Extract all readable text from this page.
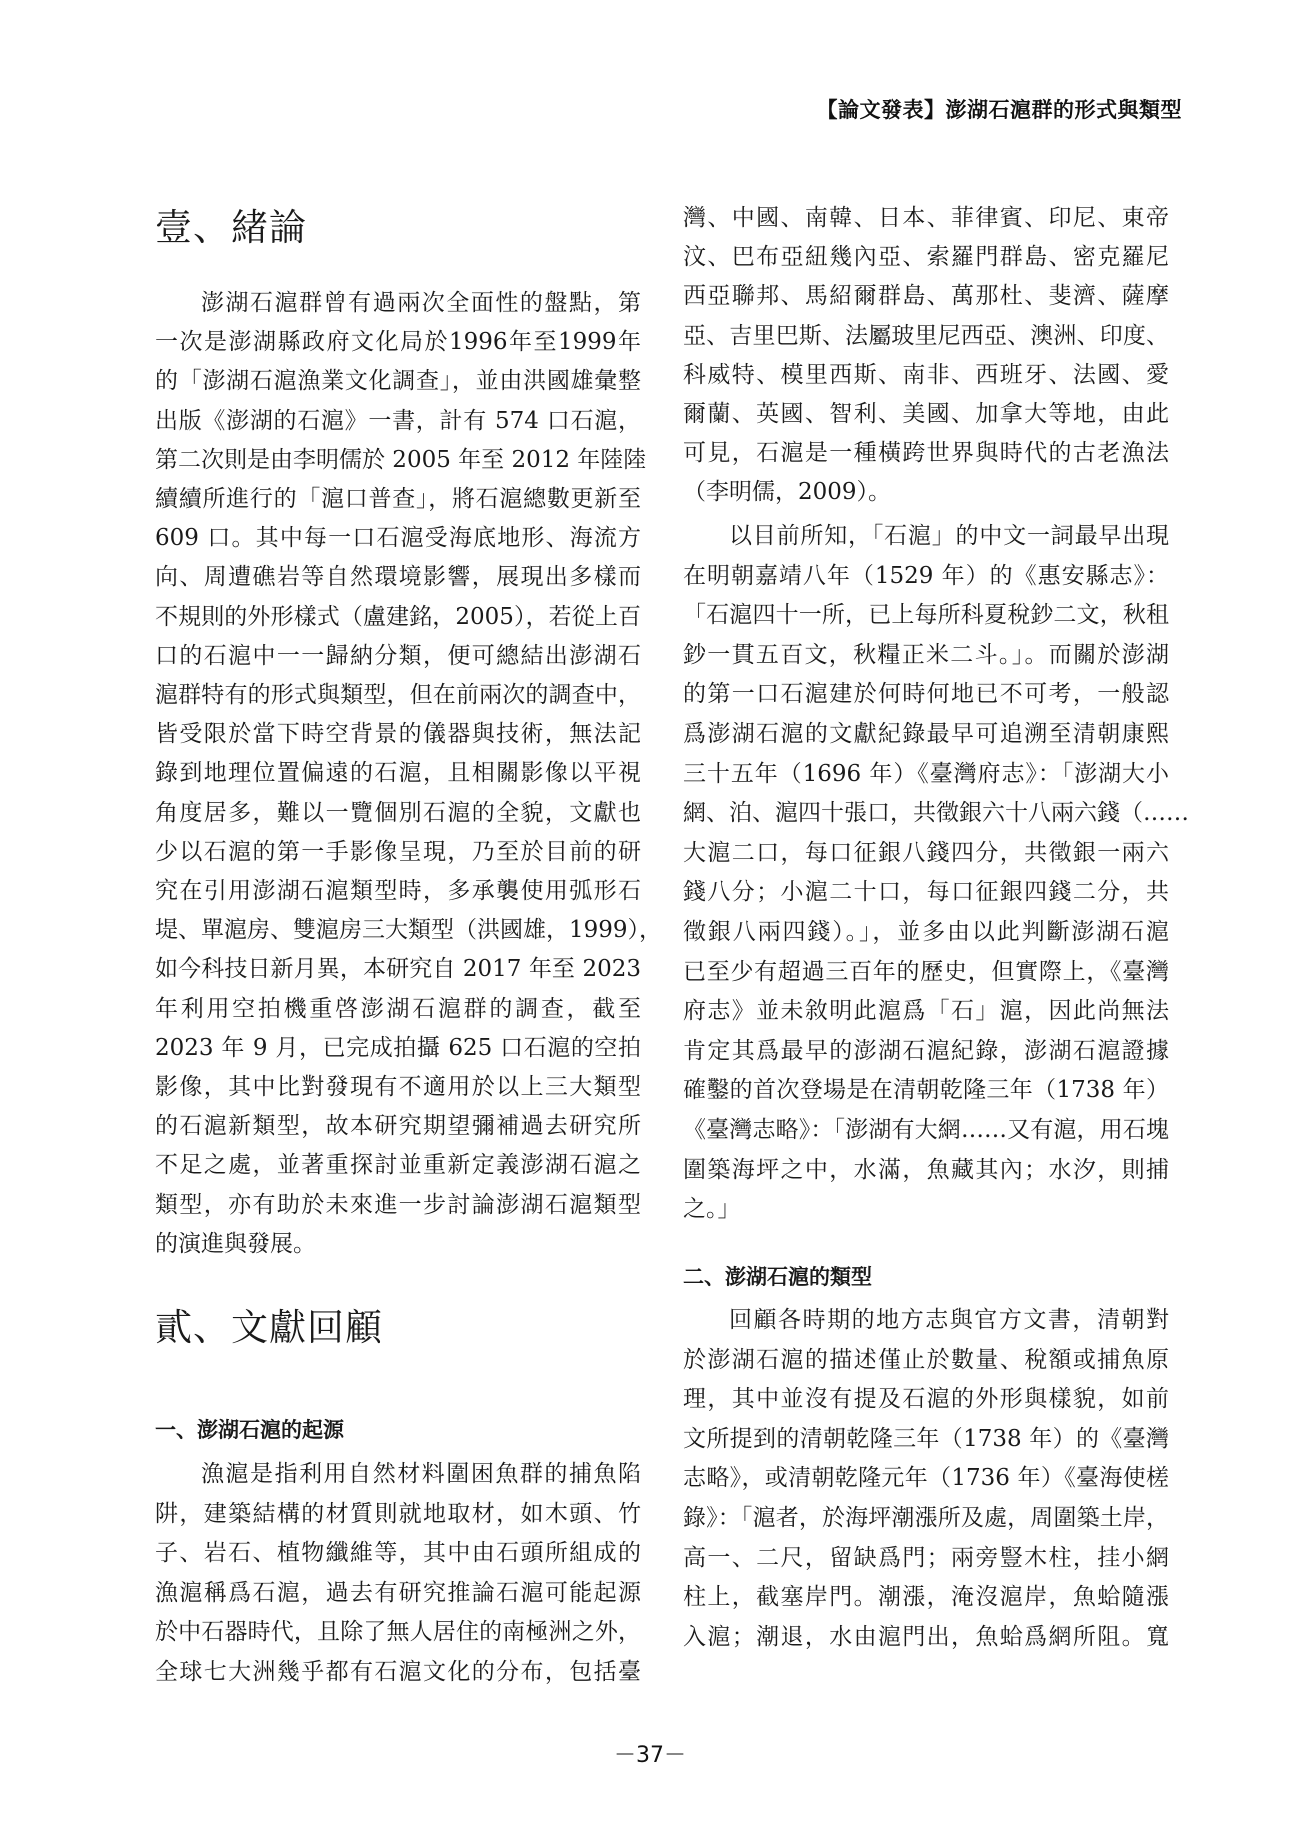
【論文發表】澎湖石滬群的形式與類型
壹、緒論
澎湖石滬群曾有過兩次全面性的盤點，第
一次是澎湖縣政府文化局於1996年至1999年
的「澎湖石滬漁業文化調查」，並由洪國雄彙整
出版《澎湖的石滬》一書，計有 574 口石滬，
第二次則是由李明儒於 2005 年至 2012 年陸陸
續續所進行的「滬口普查」，將石滬總數更新至
609 口。其中每一口石滬受海底地形、海流方
向、周遭礁岩等自然環境影響，展現出多樣而
不規則的外形樣式（盧建銘，2005），若從上百
口的石滬中一一歸納分類，便可總結出澎湖石
滬群特有的形式與類型，但在前兩次的調查中，
皆受限於當下時空背景的儀器與技術，無法記
錄到地理位置偏遠的石滬，且相關影像以平視
角度居多，難以一覽個別石滬的全貌，文獻也
少以石滬的第一手影像呈現，乃至於目前的研
究在引用澎湖石滬類型時，多承襲使用弧形石
堤、單滬房、雙滬房三大類型（洪國雄，1999），
如今科技日新月異，本研究自 2017 年至 2023
年利用空拍機重啓澎湖石滬群的調查，截至
2023 年 9 月，已完成拍攝 625 口石滬的空拍
影像，其中比對發現有不適用於以上三大類型
的石滬新類型，故本研究期望彌補過去研究所
不足之處，並著重探討並重新定義澎湖石滬之
類型，亦有助於未來進一步討論澎湖石滬類型
的演進與發展。
貳、文獻回顧
一、澎湖石滬的起源
漁滬是指利用自然材料圍困魚群的捕魚陷
阱，建築結構的材質則就地取材，如木頭、竹
子、岩石、植物纖維等，其中由石頭所組成的
漁滬稱爲石滬，過去有研究推論石滬可能起源
於中石器時代，且除了無人居住的南極洲之外，
全球七大洲幾乎都有石滬文化的分布，包括臺
灣、中國、南韓、日本、菲律賓、印尼、東帝
汶、巴布亞紐幾內亞、索羅門群島、密克羅尼
西亞聯邦、馬紹爾群島、萬那杜、斐濟、薩摩
亞、吉里巴斯、法屬玻里尼西亞、澳洲、印度、
科威特、模里西斯、南非、西班牙、法國、愛
爾蘭、英國、智利、美國、加拿大等地，由此
可見，石滬是一種橫跨世界與時代的古老漁法
（李明儒，2009）。
以目前所知，「石滬」的中文一詞最早出現
在明朝嘉靖八年（1529 年）的《惠安縣志》：
「石滬四十一所，已上每所科夏稅鈔二文，秋租
鈔一貫五百文，秋糧正米二斗。」。而關於澎湖
的第一口石滬建於何時何地已不可考，一般認
爲澎湖石滬的文獻紀錄最早可追溯至清朝康熙
三十五年（1696 年）《臺灣府志》：「澎湖大小
網、泊、滬四十張口，共徵銀六十八兩六錢（……
大滬二口，每口征銀八錢四分，共徵銀一兩六
錢八分；小滬二十口，每口征銀四錢二分，共
徵銀八兩四錢）。」，並多由以此判斷澎湖石滬
已至少有超過三百年的歷史，但實際上，《臺灣
府志》並未敘明此滬爲「石」滬，因此尚無法
肯定其爲最早的澎湖石滬紀錄，澎湖石滬證據
確鑿的首次登場是在清朝乾隆三年（1738 年）
《臺灣志略》：「澎湖有大網……又有滬，用石塊
圍築海坪之中，水滿，魚藏其內；水汐，則捕
之。」
二、澎湖石滬的類型
回顧各時期的地方志與官方文書，清朝對
於澎湖石滬的描述僅止於數量、稅額或捕魚原
理，其中並沒有提及石滬的外形與樣貌，如前
文所提到的清朝乾隆三年（1738 年）的《臺灣
志略》，或清朝乾隆元年（1736 年）《臺海使槎
錄》：「滬者，於海坪潮漲所及處，周圍築土岸，
高一、二尺，留缺爲門；兩旁豎木柱，挂小網
柱上，截塞岸門。潮漲，淹沒滬岸，魚蛤隨漲
入滬；潮退，水由滬門出，魚蛤爲網所阻。寬
－37－
